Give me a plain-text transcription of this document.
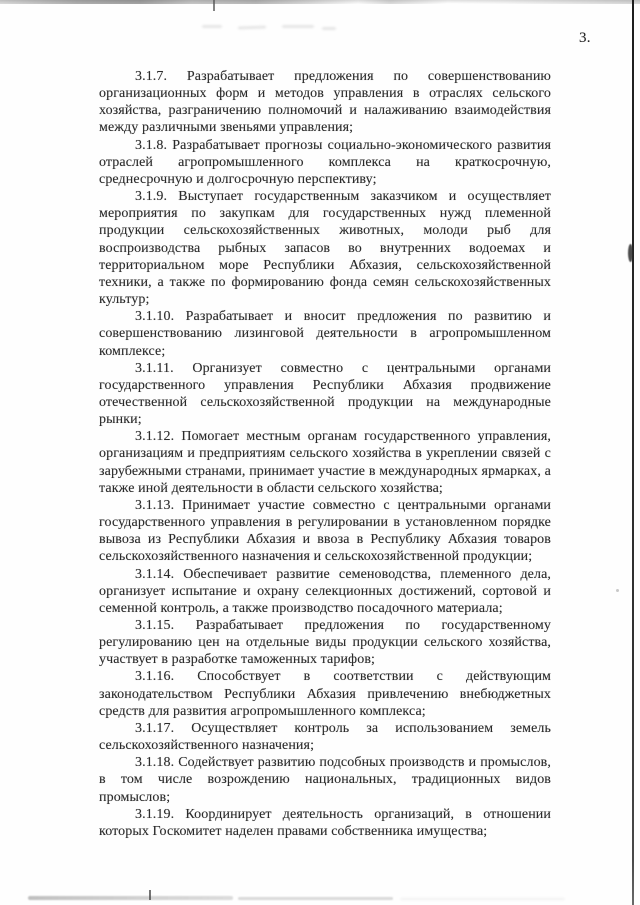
3.
3.1.7. Разрабатывает предложения по совершенствованию
организационных форм и методов управления в отраслях сельского
хозяйства, разграничению полномочий и налаживанию взаимодействия
между различными звеньями управления;
3.1.8. Разрабатывает прогнозы социально-экономического развития
отраслей агропромышленного комплекса на краткосрочную,
среднесрочную и долгосрочную перспективу;
3.1.9. Выступает государственным заказчиком и осуществляет
мероприятия по закупкам для государственных нужд племенной
продукции сельскохозяйственных животных, молоди рыб для
воспроизводства рыбных запасов во внутренних водоемах и
территориальном море Республики Абхазия, сельскохозяйственной
техники, а также по формированию фонда семян сельскохозяйственных
культур;
3.1.10. Разрабатывает и вносит предложения по развитию и
совершенствованию лизинговой деятельности в агропромышленном
комплексе;
3.1.11. Организует совместно с центральными органами
государственного управления Республики Абхазия продвижение
отечественной сельскохозяйственной продукции на международные
рынки;
3.1.12. Помогает местным органам государственного управления,
организациям и предприятиям сельского хозяйства в укреплении связей с
зарубежными странами, принимает участие в международных ярмарках, а
также иной деятельности в области сельского хозяйства;
3.1.13. Принимает участие совместно с центральными органами
государственного управления в регулировании в установленном порядке
вывоза из Республики Абхазия и ввоза в Республику Абхазия товаров
сельскохозяйственного назначения и сельскохозяйственной продукции;
3.1.14. Обеспечивает развитие семеноводства, племенного дела,
организует испытание и охрану селекционных достижений, сортовой и
семенной контроль, а также производство посадочного материала;
3.1.15. Разрабатывает предложения по государственному
регулированию цен на отдельные виды продукции сельского хозяйства,
участвует в разработке таможенных тарифов;
3.1.16. Способствует в соответствии с действующим
законодательством Республики Абхазия привлечению внебюджетных
средств для развития агропромышленного комплекса;
3.1.17. Осуществляет контроль за использованием земель
сельскохозяйственного назначения;
3.1.18. Содействует развитию подсобных производств и промыслов,
в том числе возрождению национальных, традиционных видов промыслов;
3.1.19. Координирует деятельность организаций, в отношении
которых Госкомитет наделен правами собственника имущества;
